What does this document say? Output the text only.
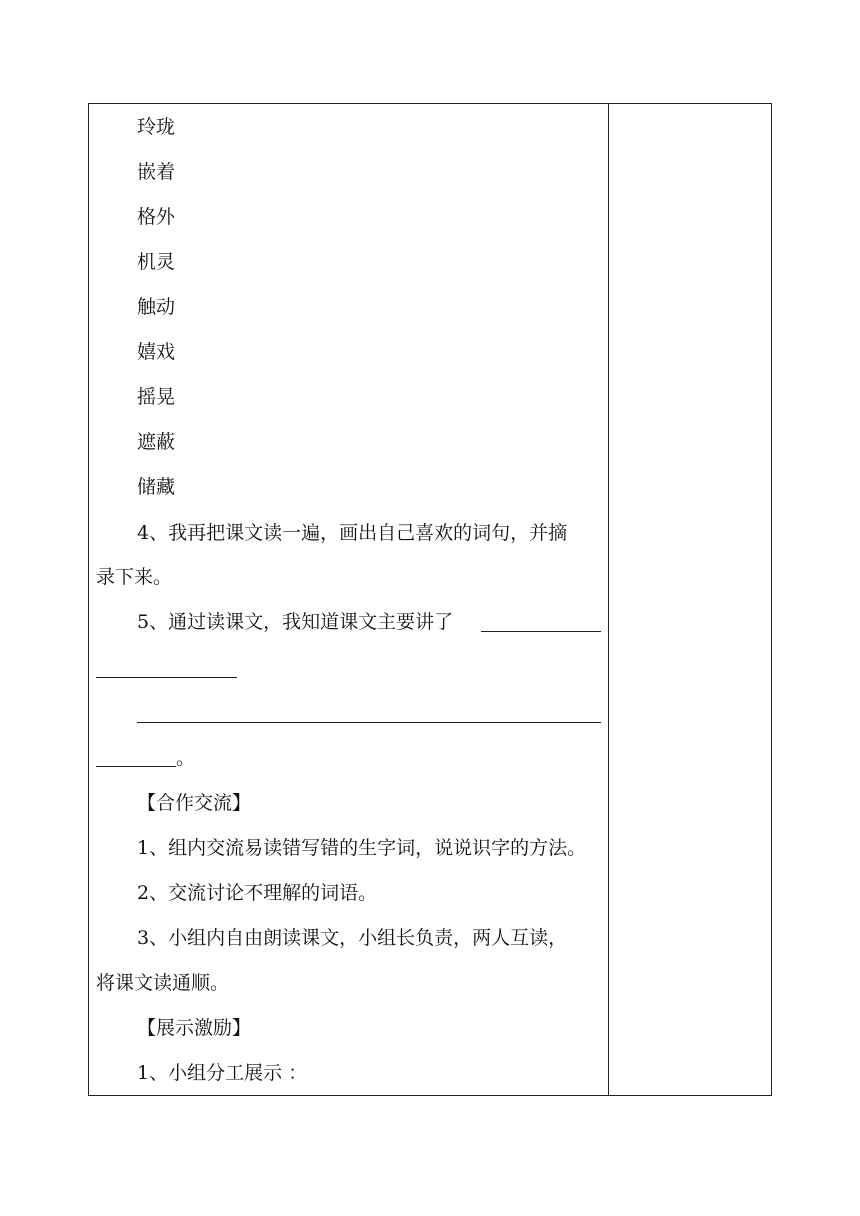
玲珑
嵌着
格外
机灵
触动
嬉戏
摇晃
遮蔽
储藏
4、我再把课文读一遍，画出自己喜欢的词句，并摘
录下来。
5、通过读课文，我知道课文主要讲了
。
【合作交流】
1、组内交流易读错写错的生字词，说说识字的方法。
2、交流讨论不理解的词语。
3、小组内自由朗读课文，小组长负责，两人互读，
将课文读通顺。
【展示激励】
1、小组分工展示 ：
